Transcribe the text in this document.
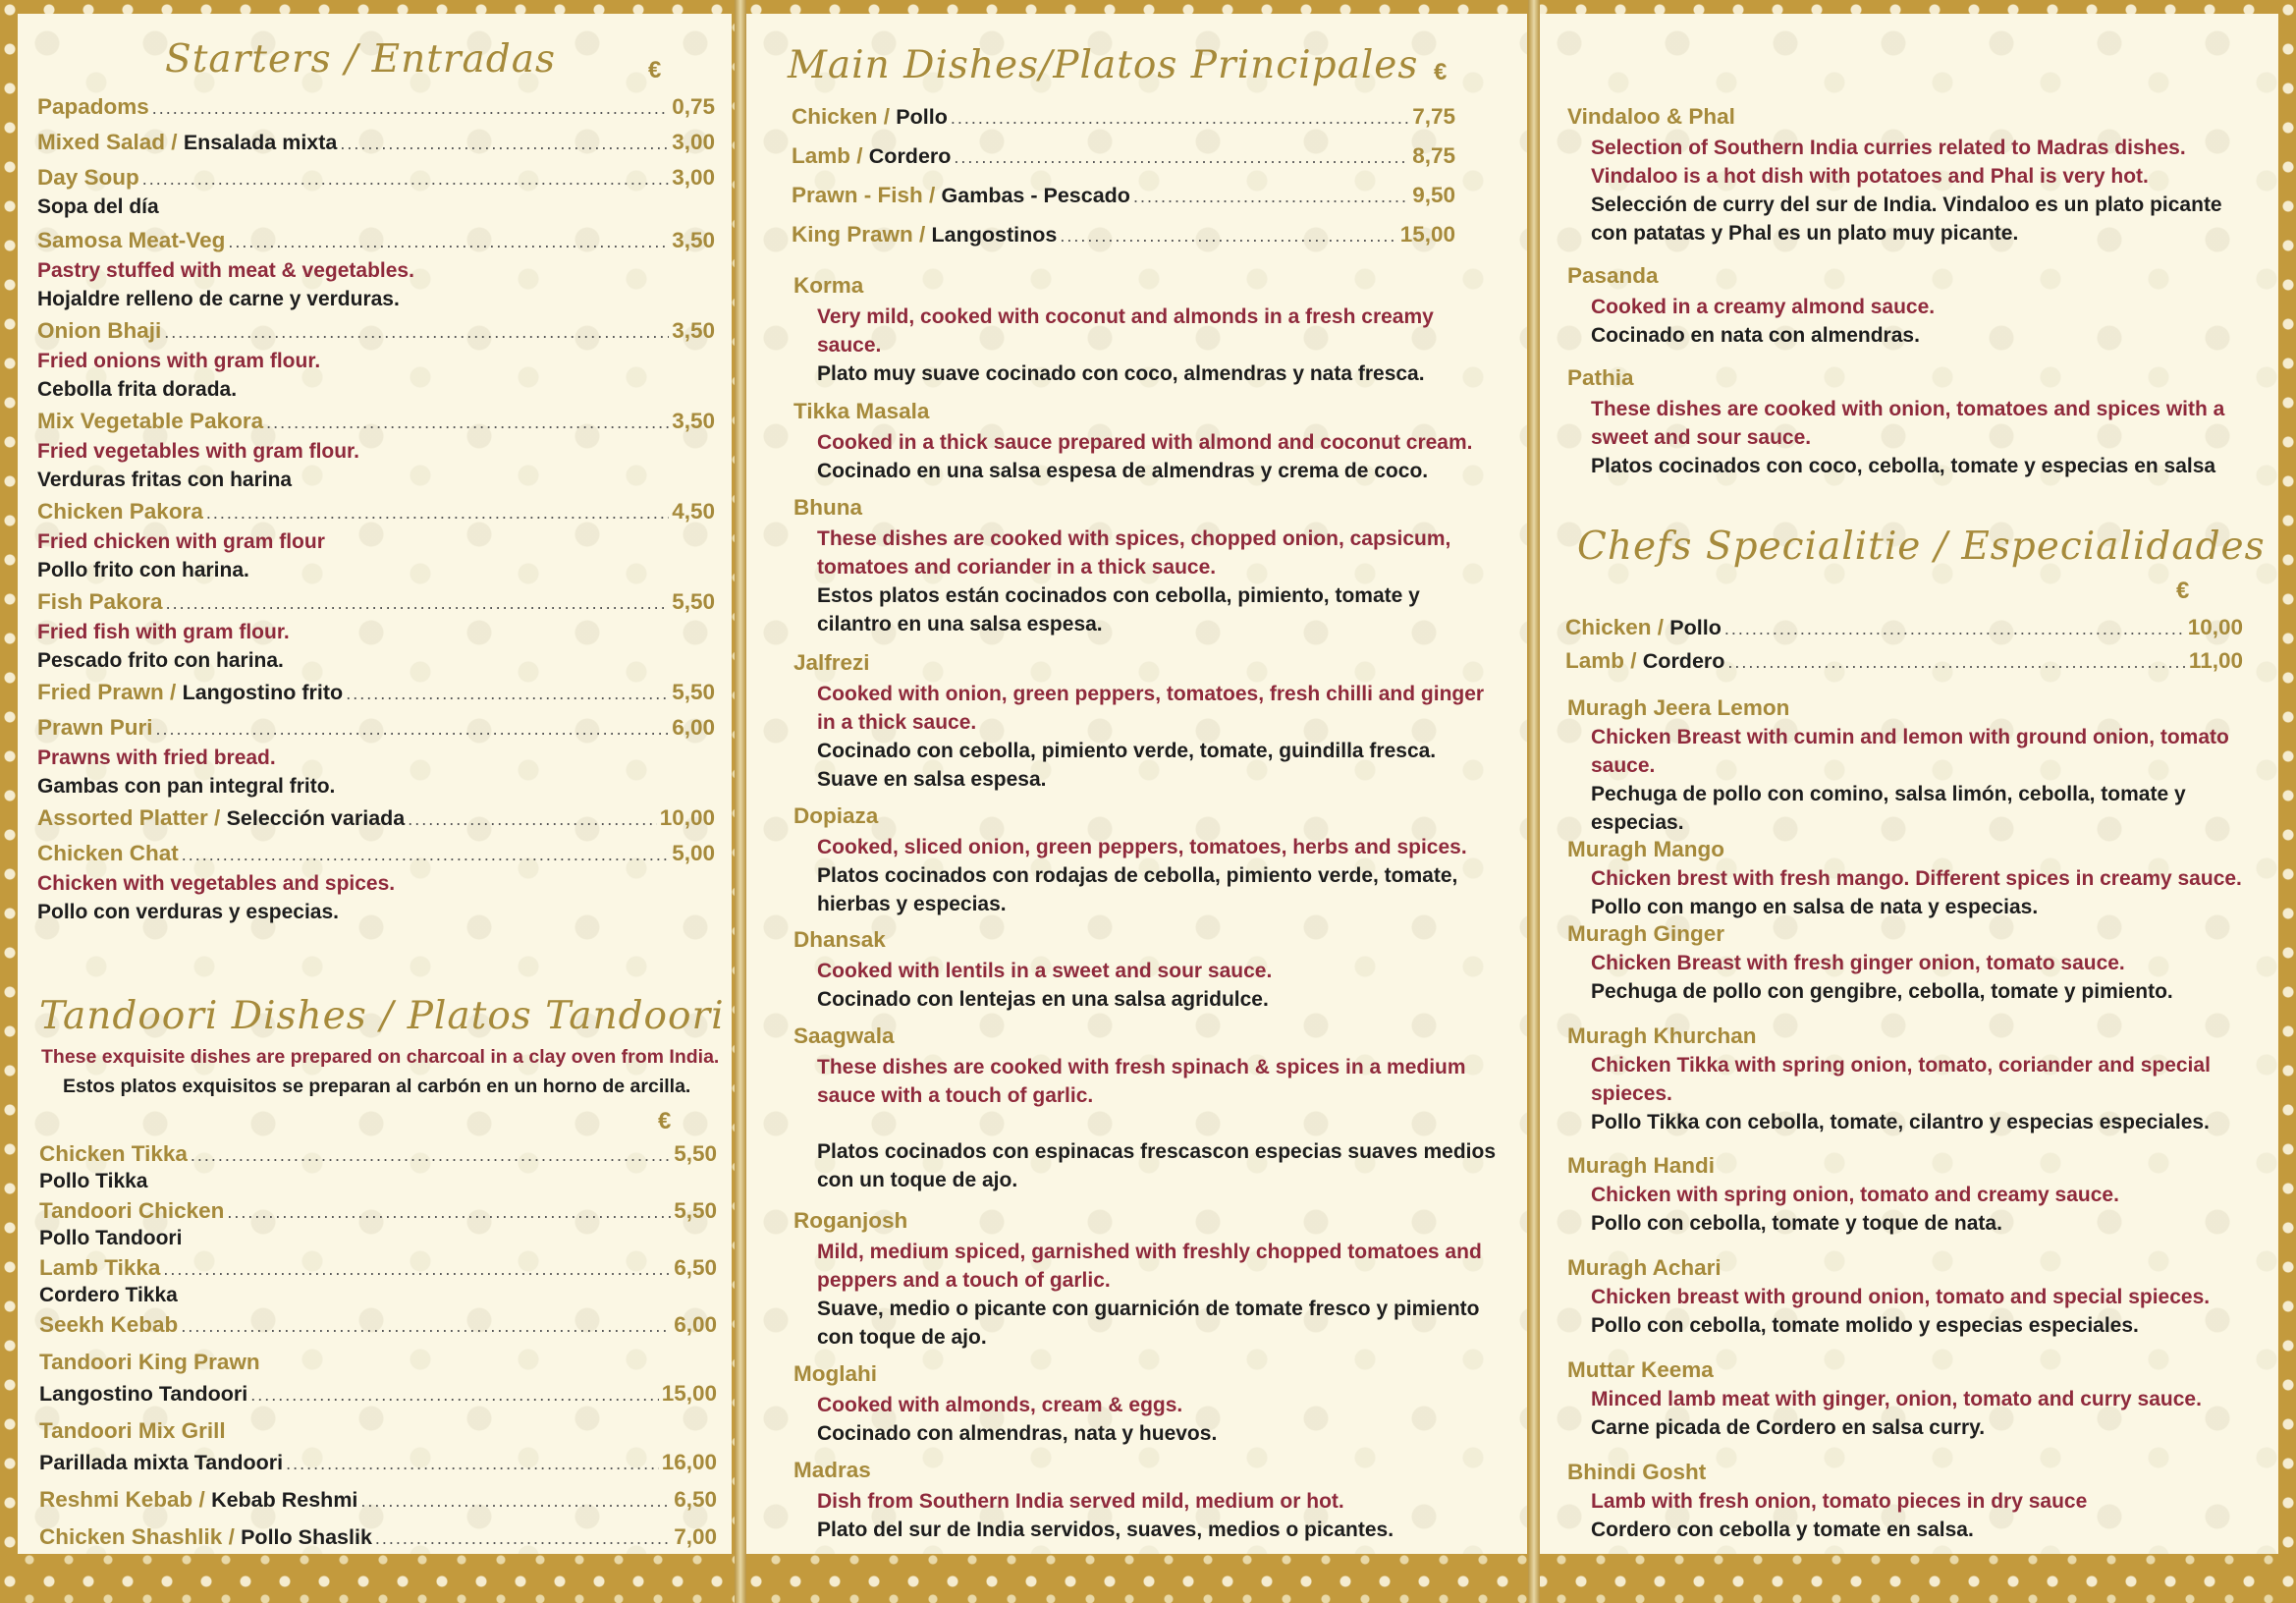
Starters / Entradas	€
Papadoms .....	0,75
Mixed Salad /
Ensalada mixta .....	3,00
Day Soup .....	3,00
Sopa del día
Samosa Meat-Veg .....	3,50
Pastry stuffed with meat & vegetables.
Hojaldre relleno de carne y verduras.
Onion Bhaji .....	3,50
Fried onions with gram flour.
Cebolla frita dorada.
Mix Vegetable Pakora .....	3,50
Fried vegetables with gram flour.
Verduras fritas con harina
Chicken Pakora .....	4,50
Fried chicken with gram flour
Pollo frito con harina.
Fish Pakora .....	5,50
Fried fish with gram flour.
Pescado frito con harina.
Fried Prawn /
Langostino frito .....	5,50
Prawn Puri .....	6,00
Prawns with fried bread.
Gambas con pan integral frito.
Assorted Platter /
Selección variada .....	10,00
Chicken Chat .....	5,00
Chicken with vegetables and spices.
Pollo con verduras y especias.
Tandoori Dishes / Platos Tandoori
These exquisite dishes are prepared on charcoal in a clay oven from India.
Estos platos exquisitos se preparan al carbón en un horno de arcilla.
€
Chicken Tikka .....	5,50
Pollo Tikka
Tandoori Chicken .....	5,50
Pollo Tandoori
Lamb Tikka .....	6,50
Cordero Tikka
Seekh Kebab .....	6,00
Tandoori King Prawn
Langostino Tandoori .....	15,00
Tandoori Mix Grill
Parillada mixta Tandoori .....	16,00
Reshmi Kebab /
Kebab Reshmi .....	6,50
Chicken Shashlik /
Pollo Shaslik .....	7,00
Main Dishes/Platos Principales €
Chicken /
Pollo .....	7,75
Lamb /
Cordero .....	8,75
Prawn - Fish /
Gambas - Pescado .....	9,50
King Prawn /
Langostinos .....	15,00
Korma
Very mild, cooked with coconut and almonds in a fresh creamy sauce.
Plato muy suave cocinado con coco, almendras y nata fresca.
Tikka Masala
Cooked in a thick sauce prepared with almond and coconut cream.
Cocinado en una salsa espesa de almendras y crema de coco.
Bhuna
These dishes are cooked with spices, chopped onion, capsicum, tomatoes and coriander in a thick sauce.
Estos platos están cocinados con cebolla, pimiento, tomate y cilantro en una salsa espesa.
Jalfrezi
Cooked with onion, green peppers, tomatoes, fresh chilli and ginger in a thick sauce.
Cocinado con cebolla, pimiento verde, tomate, guindilla fresca. Suave en salsa espesa.
Dopiaza
Cooked, sliced onion, green peppers, tomatoes, herbs and spices.
Platos cocinados con rodajas de cebolla, pimiento verde, tomate, hierbas y especias.
Dhansak
Cooked with lentils in a sweet and sour sauce.
Cocinado con lentejas en una salsa agridulce.
Saagwala
These dishes are cooked with fresh spinach & spices in a medium sauce with a touch of garlic.
Platos cocinados con espinacas frescascon especias suaves medios con un toque de ajo.
Roganjosh
Mild, medium spiced, garnished with freshly chopped tomatoes and peppers and a touch of garlic.
Suave, medio o picante con guarnición de tomate fresco y pimiento con toque de ajo.
Moglahi
Cooked with almonds, cream & eggs.
Cocinado con almendras, nata y huevos.
Madras
Dish from Southern India served mild, medium or hot.
Plato del sur de India servidos, suaves, medios o picantes.
Vindaloo & Phal
Selection of Southern India curries related to Madras dishes. Vindaloo is a hot dish with potatoes and Phal is very hot.
Selección de curry del sur de India. Vindaloo es un plato picante con patatas y Phal es un plato muy picante.
Pasanda
Cooked in a creamy almond sauce.
Cocinado en nata con almendras.
Pathia
These dishes are cooked with onion, tomatoes and spices with a sweet and sour sauce.
Platos cocinados con coco, cebolla, tomate y especias en salsa
Chefs Specialitie / Especialidades
€
Chicken /
Pollo .....	10,00
Lamb /
Cordero .....	11,00
Muragh Jeera Lemon
Chicken Breast with cumin and lemon with ground onion, tomato sauce.
Pechuga de pollo con comino, salsa limón, cebolla, tomate y especias.
Muragh Mango
Chicken brest with fresh mango. Different spices in creamy sauce.
Pollo con mango en salsa de nata y especias.
Muragh Ginger
Chicken Breast with fresh ginger onion, tomato sauce.
Pechuga de pollo con gengibre, cebolla, tomate y pimiento.
Muragh Khurchan
Chicken Tikka with spring onion, tomato, coriander and special spieces.
Pollo Tikka con cebolla, tomate, cilantro y especias especiales.
Muragh Handi
Chicken with spring onion, tomato and creamy sauce.
Pollo con cebolla, tomate y toque de nata.
Muragh Achari
Chicken breast with ground onion, tomato and special spieces.
Pollo con cebolla, tomate molido y especias especiales.
Muttar Keema
Minced lamb meat with ginger, onion, tomato and curry sauce.
Carne picada de Cordero en salsa curry.
Bhindi Gosht
Lamb with fresh onion, tomato pieces in dry sauce
Cordero con cebolla y tomate en salsa.
